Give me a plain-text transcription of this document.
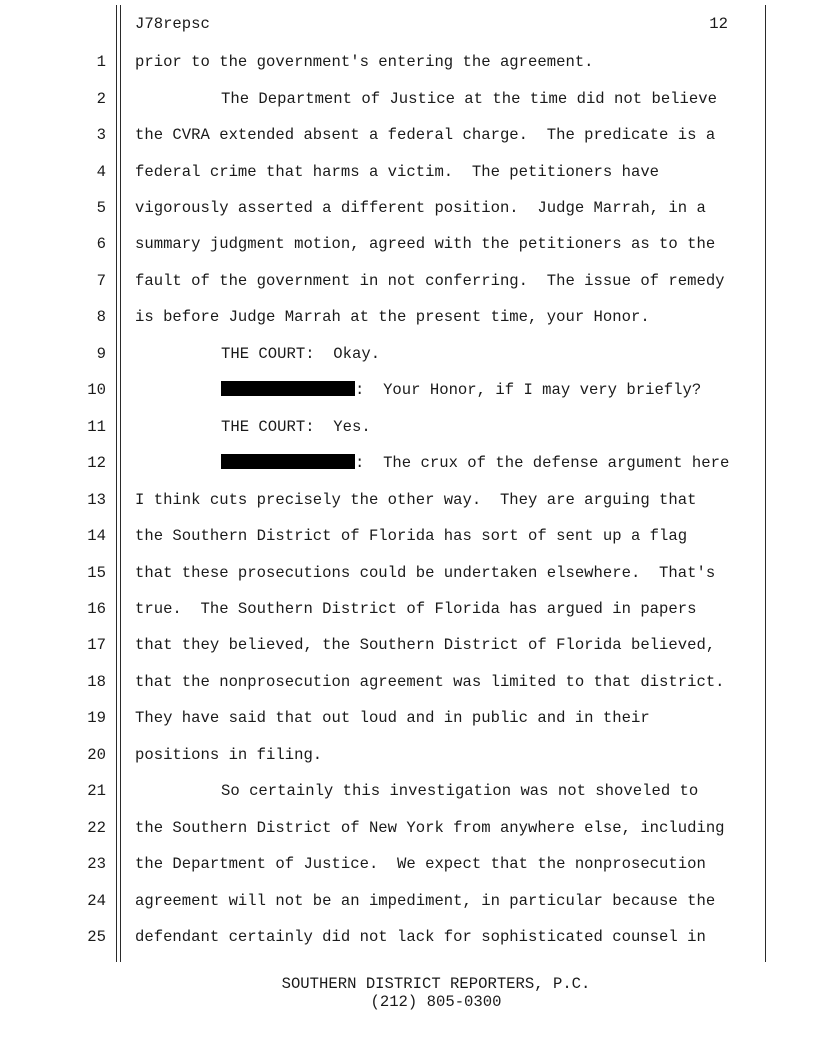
J78repsc	12
1 prior to the government's entering the agreement.
2	The Department of Justice at the time did not believe
3 the CVRA extended absent a federal charge.  The predicate is a
4 federal crime that harms a victim.  The petitioners have
5 vigorously asserted a different position.  Judge Marrah, in a
6 summary judgment motion, agreed with the petitioners as to the
7 fault of the government in not conferring.  The issue of remedy
8 is before Judge Marrah at the present time, your Honor.
9	THE COURT:  Okay.
10	:  Your Honor, if I may very briefly?
11	THE COURT:  Yes.
12	:  The crux of the defense argument here
13 I think cuts precisely the other way.  They are arguing that
14 the Southern District of Florida has sort of sent up a flag
15 that these prosecutions could be undertaken elsewhere.  That's
16 true.  The Southern District of Florida has argued in papers
17 that they believed, the Southern District of Florida believed,
18 that the nonprosecution agreement was limited to that district.
19 They have said that out loud and in public and in their
20 positions in filing.
21	So certainly this investigation was not shoveled to
22 the Southern District of New York from anywhere else, including
23 the Department of Justice.  We expect that the nonprosecution
24 agreement will not be an impediment, in particular because the
25 defendant certainly did not lack for sophisticated counsel in
SOUTHERN DISTRICT REPORTERS, P.C.
(212) 805-0300
